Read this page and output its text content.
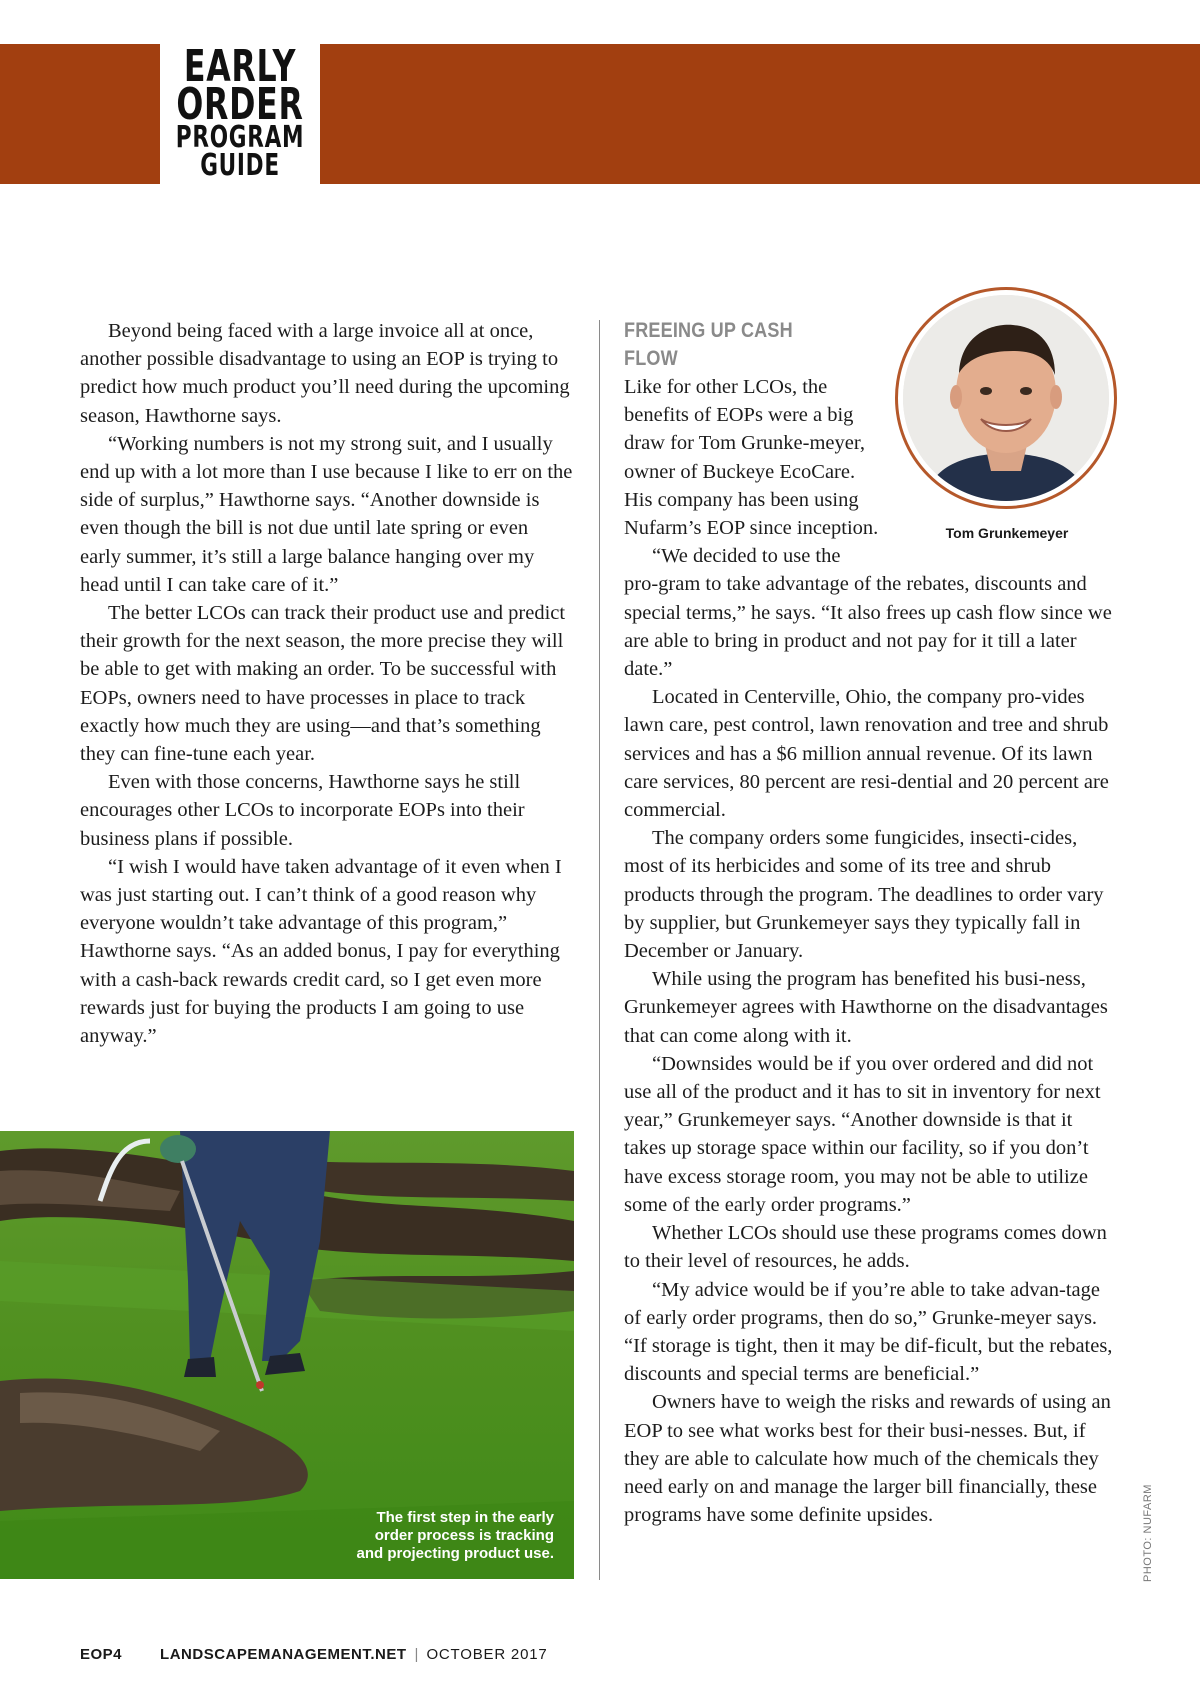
EARLY
ORDER
PROGRAM
GUIDE

Beyond being faced with a large invoice all at once, another possible disadvantage to using an EOP is trying to predict how much product you’ll need during the upcoming season, Hawthorne says.

“Working numbers is not my strong suit, and I usually end up with a lot more than I use because I like to err on the side of surplus,” Hawthorne says. “Another downside is even though the bill is not due until late spring or even early summer, it’s still a large balance hanging over my head until I can take care of it.”

The better LCOs can track their product use and predict their growth for the next season, the more precise they will be able to get with making an order. To be successful with EOPs, owners need to have processes in place to track exactly how much they are using—and that’s something they can fine-tune each year.

Even with those concerns, Hawthorne says he still encourages other LCOs to incorporate EOPs into their business plans if possible.

“I wish I would have taken advantage of it even when I was just starting out. I can’t think of a good reason why everyone wouldn’t take advantage of this program,” Hawthorne says. “As an added bonus, I pay for everything with a cash-back rewards credit card, so I get even more rewards just for buying the products I am going to use anyway.”

The first step in the early order process is tracking and projecting product use.
Tom Grunkemeyer
FREEING UP CASH FLOW

Like for other LCOs, the benefits of EOPs were a big draw for Tom Grunke-meyer, owner of Buckeye EcoCare. His company has been using Nufarm’s EOP since inception.

“We decided to use the pro-gram to take advantage of the rebates, discounts and special terms,” he says. “It also frees up cash flow since we are able to bring in product and not pay for it till a later date.”

Located in Centerville, Ohio, the company pro-vides lawn care, pest control, lawn renovation and tree and shrub services and has a $6 million annual revenue. Of its lawn care services, 80 percent are resi-dential and 20 percent are commercial.

The company orders some fungicides, insecti-cides, most of its herbicides and some of its tree and shrub products through the program. The deadlines to order vary by supplier, but Grunkemeyer says they typically fall in December or January.

While using the program has benefited his busi-ness, Grunkemeyer agrees with Hawthorne on the disadvantages that can come along with it.

“Downsides would be if you over ordered and did not use all of the product and it has to sit in inventory for next year,” Grunkemeyer says. “Another downside is that it takes up storage space within our facility, so if you don’t have excess storage room, you may not be able to utilize some of the early order programs.”

Whether LCOs should use these programs comes down to their level of resources, he adds.

“My advice would be if you’re able to take advan-tage of early order programs, then do so,” Grunke-meyer says. “If storage is tight, then it may be dif-ficult, but the rebates, discounts and special terms are beneficial.”

Owners have to weigh the risks and rewards of using an EOP to see what works best for their busi-nesses. But, if they are able to calculate how much of the chemicals they need early on and manage the larger bill financially, these programs have some definite upsides.	PHOTO: NUFARM
EOP4	LANDSCAPEMANAGEMENT.NET | OCTOBER 2017
